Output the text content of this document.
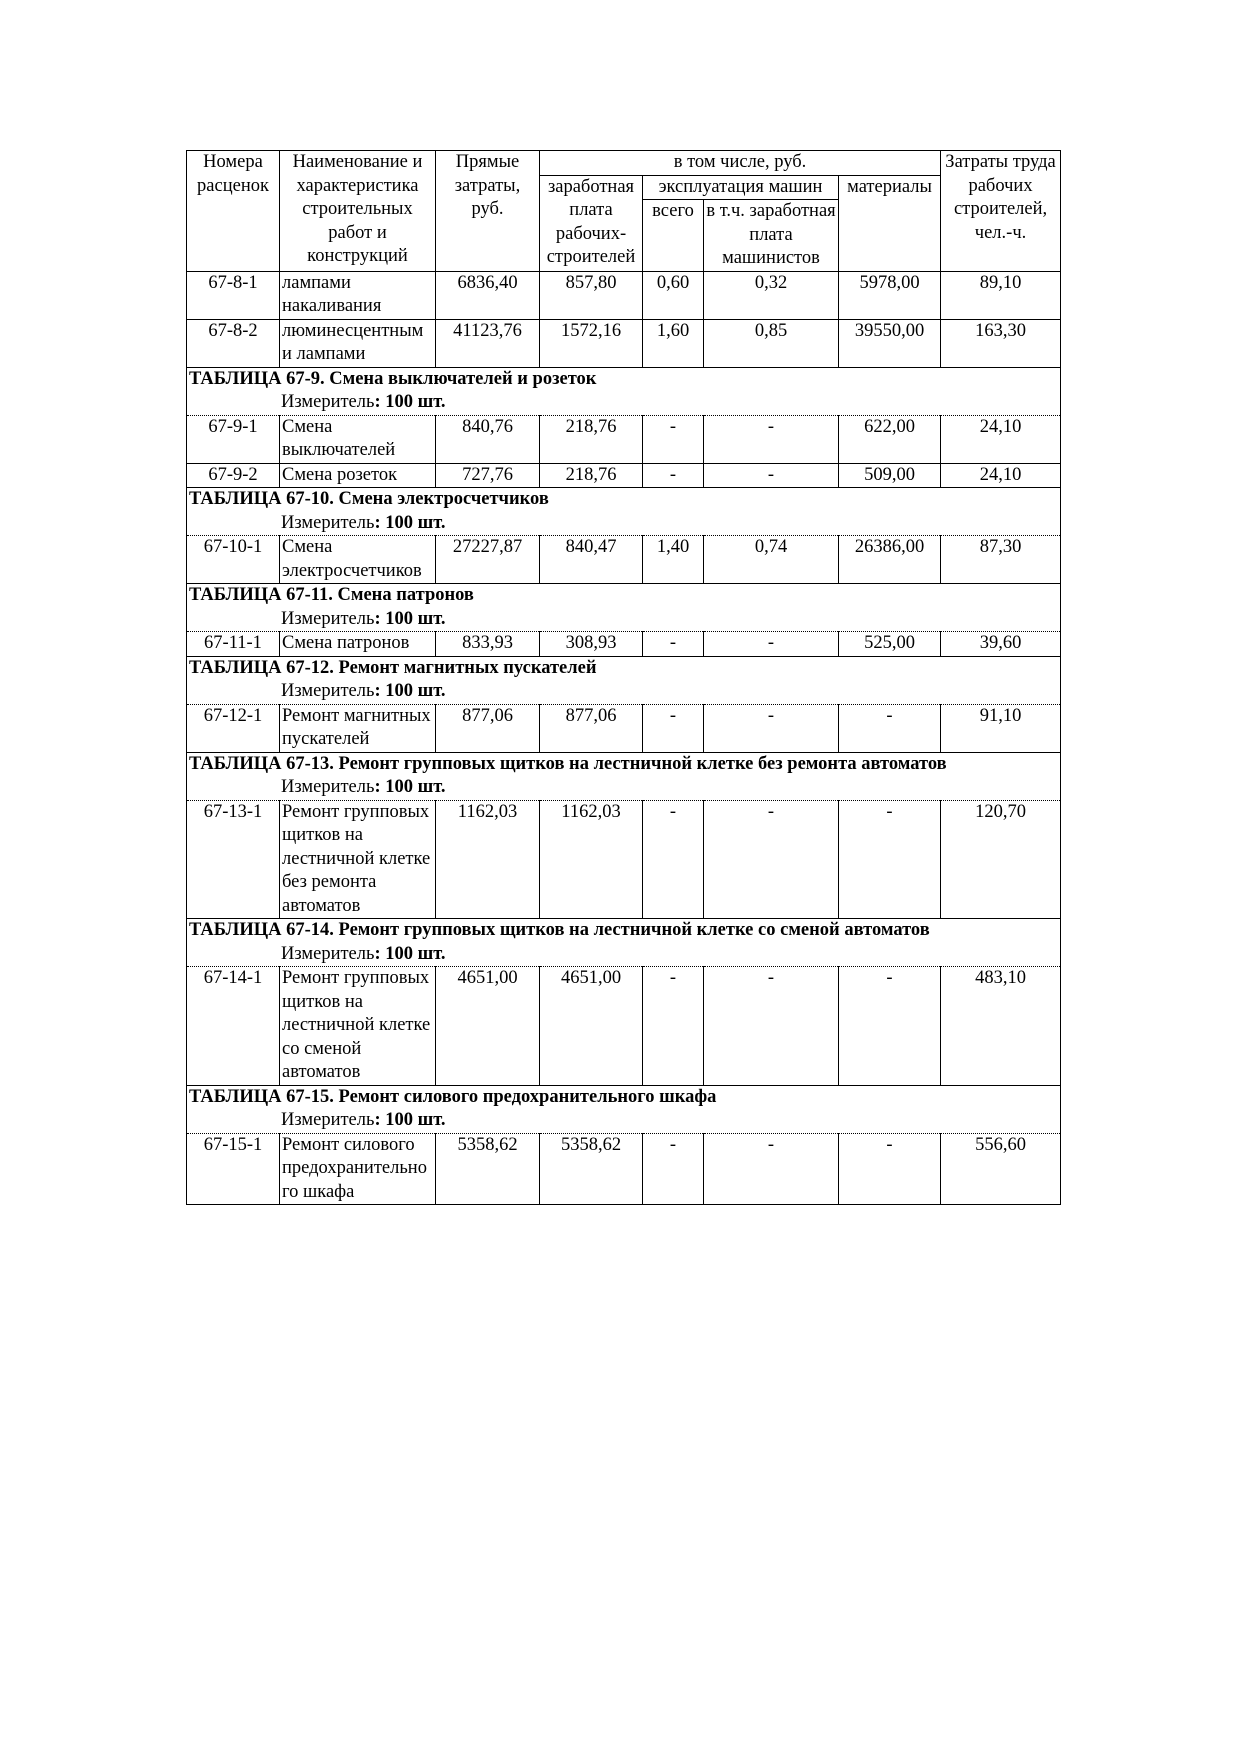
Номера расценок	Наименование и характеристика строительных работ и конструкций	Прямые затраты, руб.	в том числе, руб.				Затраты труда рабочих строителей, чел.-ч.
			заработная плата рабочих-строителей	эксплуатация машин		материалы	
				всего	в т.ч. заработная плата машинистов		
67-8-1	лампами накаливания	6836,40	857,80	0,60	0,32	5978,00	89,10
67-8-2	люминесцентными лампами	41123,76	1572,16	1,60	0,85	39550,00	163,30
ТАБЛИЦА 67-9. Смена выключателей и розеток							
Измеритель: 100 шт.							
67-9-1	Смена выключателей	840,76	218,76	-	-	622,00	24,10
67-9-2	Смена розеток	727,76	218,76	-	-	509,00	24,10
ТАБЛИЦА 67-10. Смена электросчетчиков							
Измеритель: 100 шт.							
67-10-1	Смена электросчетчиков	27227,87	840,47	1,40	0,74	26386,00	87,30
ТАБЛИЦА 67-11. Смена патронов							
Измеритель: 100 шт.							
67-11-1	Смена патронов	833,93	308,93	-	-	525,00	39,60
ТАБЛИЦА 67-12. Ремонт магнитных пускателей							
Измеритель: 100 шт.							
67-12-1	Ремонт магнитных пускателей	877,06	877,06	-	-	-	91,10
ТАБЛИЦА 67-13. Ремонт групповых щитков на лестничной клетке без ремонта автоматов							
Измеритель: 100 шт.							
67-13-1	Ремонт групповых щитков на лестничной клетке без ремонта автоматов	1162,03	1162,03	-	-	-	120,70
ТАБЛИЦА 67-14. Ремонт групповых щитков на лестничной клетке со сменой автоматов							
Измеритель: 100 шт.							
67-14-1	Ремонт групповых щитков на лестничной клетке со сменой автоматов	4651,00	4651,00	-	-	-	483,10
ТАБЛИЦА 67-15. Ремонт силового предохранительного шкафа							
Измеритель: 100 шт.							
67-15-1	Ремонт силового предохранительного шкафа	5358,62	5358,62	-	-	-	556,60
